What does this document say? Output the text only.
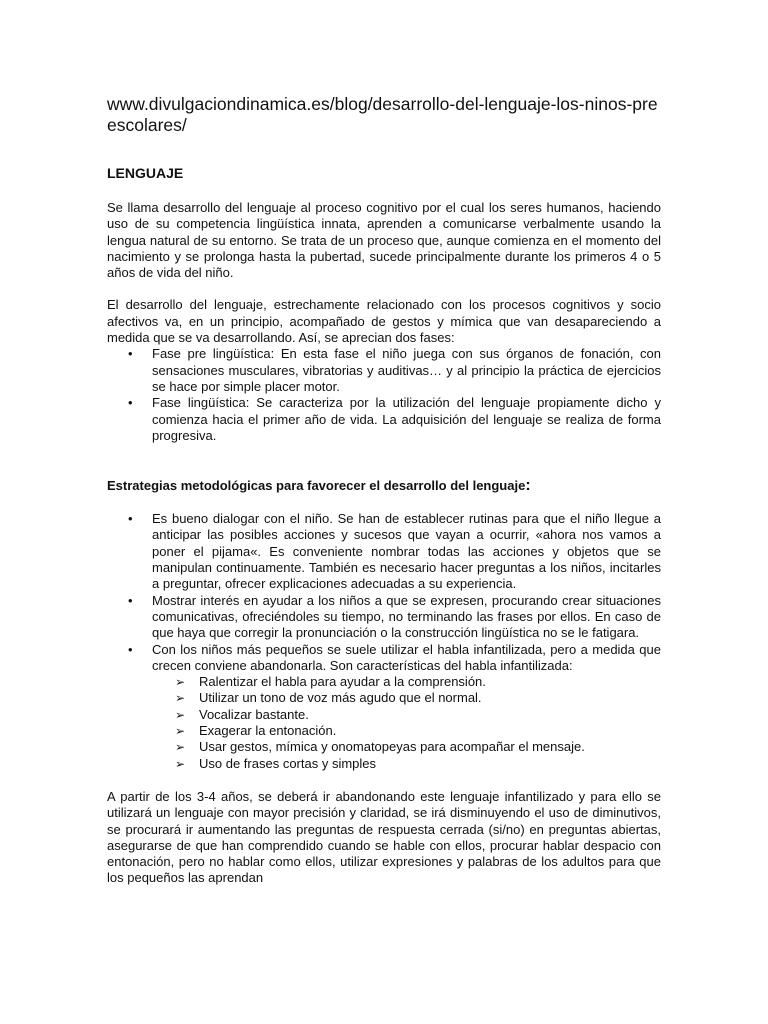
www.divulgaciondinamica.es/blog/desarrollo-del-lenguaje-los-ninos-preescolares/

LENGUAJE

Se llama desarrollo del lenguaje al proceso cognitivo por el cual los seres humanos, haciendo uso de su competencia lingüística innata, aprenden a comunicarse verbalmente usando la lengua natural de su entorno. Se trata de un proceso que, aunque comienza en el momento del nacimiento y se prolonga hasta la pubertad, sucede principalmente durante los primeros 4 o 5 años de vida del niño.

El desarrollo del lenguaje, estrechamente relacionado con los procesos cognitivos y socio afectivos va, en un principio, acompañado de gestos y mímica que van desapareciendo a medida que se va desarrollando. Así, se aprecian dos fases:

• Fase pre lingüística: En esta fase el niño juega con sus órganos de fonación, con sensaciones musculares, vibratorias y auditivas… y al principio la práctica de ejercicios se hace por simple placer motor.
• Fase lingüística: Se caracteriza por la utilización del lenguaje propiamente dicho y comienza hacia el primer año de vida. La adquisición del lenguaje se realiza de forma progresiva.

Estrategias metodológicas para favorecer el desarrollo del lenguaje:

• Es bueno dialogar con el niño. Se han de establecer rutinas para que el niño llegue a anticipar las posibles acciones y sucesos que vayan a ocurrir, «ahora nos vamos a poner el pijama«. Es conveniente nombrar todas las acciones y objetos que se manipulan continuamente. También es necesario hacer preguntas a los niños, incitarles a preguntar, ofrecer explicaciones adecuadas a su experiencia.
• Mostrar interés en ayudar a los niños a que se expresen, procurando crear situaciones comunicativas, ofreciéndoles su tiempo, no terminando las frases por ellos. En caso de que haya que corregir la pronunciación o la construcción lingüística no se le fatigara.
• Con los niños más pequeños se suele utilizar el habla infantilizada, pero a medida que crecen conviene abandonarla. Son características del habla infantilizada:
➢ Ralentizar el habla para ayudar a la comprensión.
➢ Utilizar un tono de voz más agudo que el normal.
➢ Vocalizar bastante.
➢ Exagerar la entonación.
➢ Usar gestos, mímica y onomatopeyas para acompañar el mensaje.
➢ Uso de frases cortas y simples

A partir de los 3-4 años, se deberá ir abandonando este lenguaje infantilizado y para ello se utilizará un lenguaje con mayor precisión y claridad, se irá disminuyendo el uso de diminutivos, se procurará ir aumentando las preguntas de respuesta cerrada (si/no) en preguntas abiertas, asegurarse de que han comprendido cuando se hable con ellos, procurar hablar despacio con entonación, pero no hablar como ellos, utilizar expresiones y palabras de los adultos para que los pequeños las aprendan
